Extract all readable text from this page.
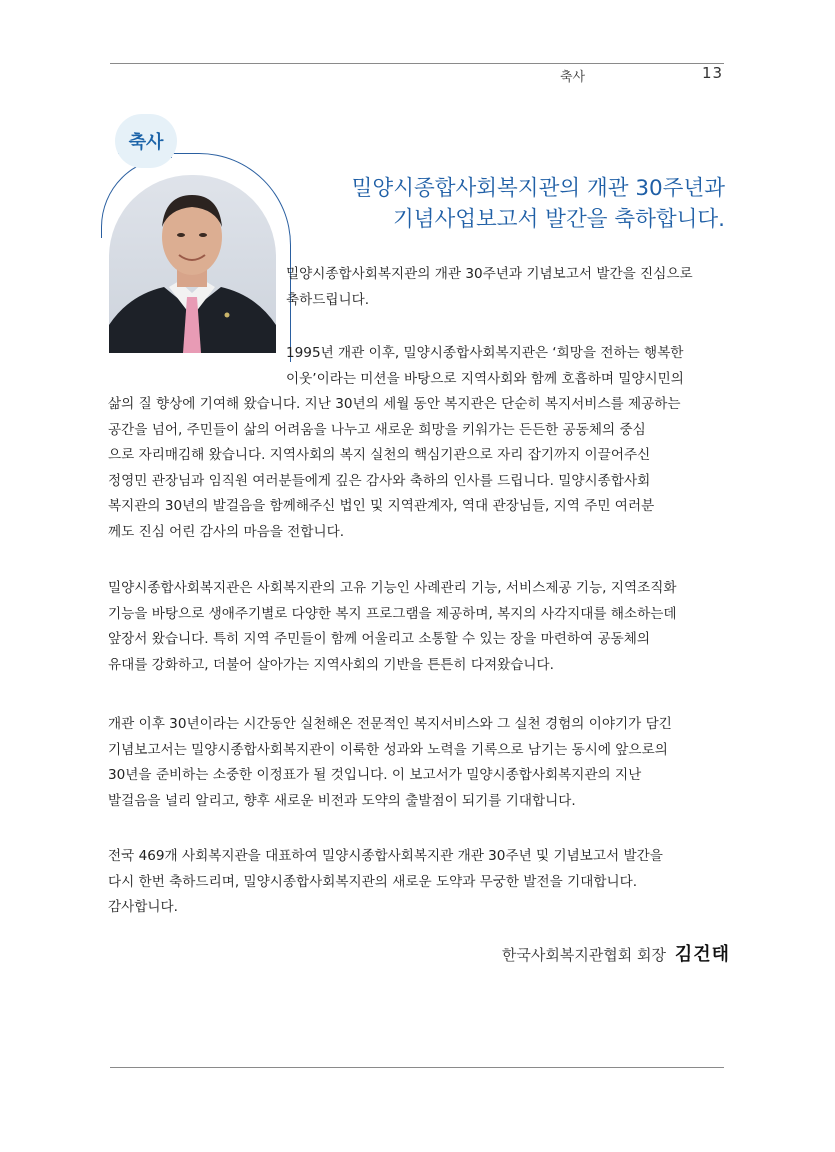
축사	13
축사
밀양시종합사회복지관의 개관 30주년과
기념사업보고서 발간을 축하합니다.
밀양시종합사회복지관의 개관 30주년과 기념보고서 발간을 진심으로
축하드립니다.
1995년 개관 이후, 밀양시종합사회복지관은 ‘희망을 전하는 행복한
이웃’이라는 미션을 바탕으로 지역사회와 함께 호흡하며 밀양시민의
삶의 질 향상에 기여해 왔습니다. 지난 30년의 세월 동안 복지관은 단순히 복지서비스를 제공하는
공간을 넘어, 주민들이 삶의 어려움을 나누고 새로운 희망을 키워가는 든든한 공동체의 중심
으로 자리매김해 왔습니다. 지역사회의 복지 실천의 핵심기관으로 자리 잡기까지 이끌어주신
정영민 관장님과 임직원 여러분들에게 깊은 감사와 축하의 인사를 드립니다. 밀양시종합사회
복지관의 30년의 발걸음을 함께해주신 법인 및 지역관계자, 역대 관장님들, 지역 주민 여러분
께도 진심 어린 감사의 마음을 전합니다.
밀양시종합사회복지관은 사회복지관의 고유 기능인 사례관리 기능, 서비스제공 기능, 지역조직화
기능을 바탕으로 생애주기별로 다양한 복지 프로그램을 제공하며, 복지의 사각지대를 해소하는데
앞장서 왔습니다. 특히 지역 주민들이 함께 어울리고 소통할 수 있는 장을 마련하여 공동체의
유대를 강화하고, 더불어 살아가는 지역사회의 기반을 튼튼히 다져왔습니다.
개관 이후 30년이라는 시간동안 실천해온 전문적인 복지서비스와 그 실천 경험의 이야기가 담긴
기념보고서는 밀양시종합사회복지관이 이룩한 성과와 노력을 기록으로 남기는 동시에 앞으로의
30년을 준비하는 소중한 이정표가 될 것입니다. 이 보고서가 밀양시종합사회복지관의 지난
발걸음을 널리 알리고, 향후 새로운 비전과 도약의 출발점이 되기를 기대합니다.
전국 469개 사회복지관을 대표하여 밀양시종합사회복지관 개관 30주년 및 기념보고서 발간을
다시 한번 축하드리며, 밀양시종합사회복지관의 새로운 도약과 무궁한 발전을 기대합니다.
감사합니다.
한국사회복지관협회 회장 김건태
